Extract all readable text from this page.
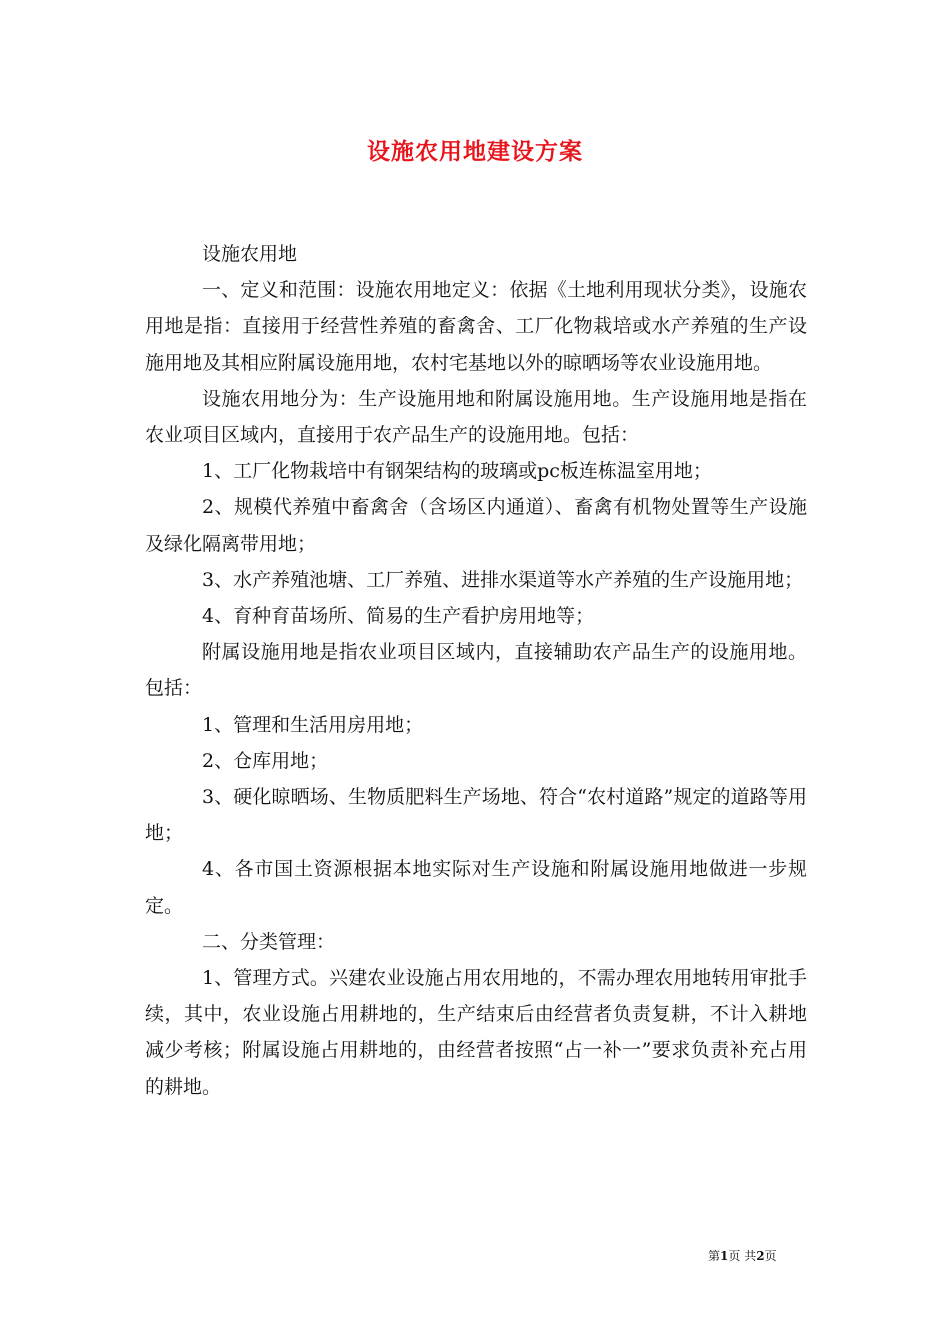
设施农用地建设方案

设施农用地

一、定义和范围：设施农用地定义：依据《土地利用现状分类》，设施农用地是指：直接用于经营性养殖的畜禽舍、工厂化物栽培或水产养殖的生产设施用地及其相应附属设施用地，农村宅基地以外的晾晒场等农业设施用地。

设施农用地分为：生产设施用地和附属设施用地。生产设施用地是指在农业项目区域内，直接用于农产品生产的设施用地。包括：

1、工厂化物栽培中有钢架结构的玻璃或pc板连栋温室用地；

2、规模代养殖中畜禽舍（含场区内通道）、畜禽有机物处置等生产设施及绿化隔离带用地；

3、水产养殖池塘、工厂养殖、进排水渠道等水产养殖的生产设施用地；

4、育种育苗场所、简易的生产看护房用地等；

附属设施用地是指农业项目区域内，直接辅助农产品生产的设施用地。包括：

1、管理和生活用房用地；

2、仓库用地；

3、硬化晾晒场、生物质肥料生产场地、符合“农村道路”规定的道路等用地；

4、各市国土资源根据本地实际对生产设施和附属设施用地做进一步规定。

二、分类管理：

1、管理方式。兴建农业设施占用农用地的，不需办理农用地转用审批手续，其中，农业设施占用耕地的，生产结束后由经营者负责复耕，不计入耕地减少考核；附属设施占用耕地的，由经营者按照“占一补一”要求负责补充占用的耕地。

第1页 共2页
